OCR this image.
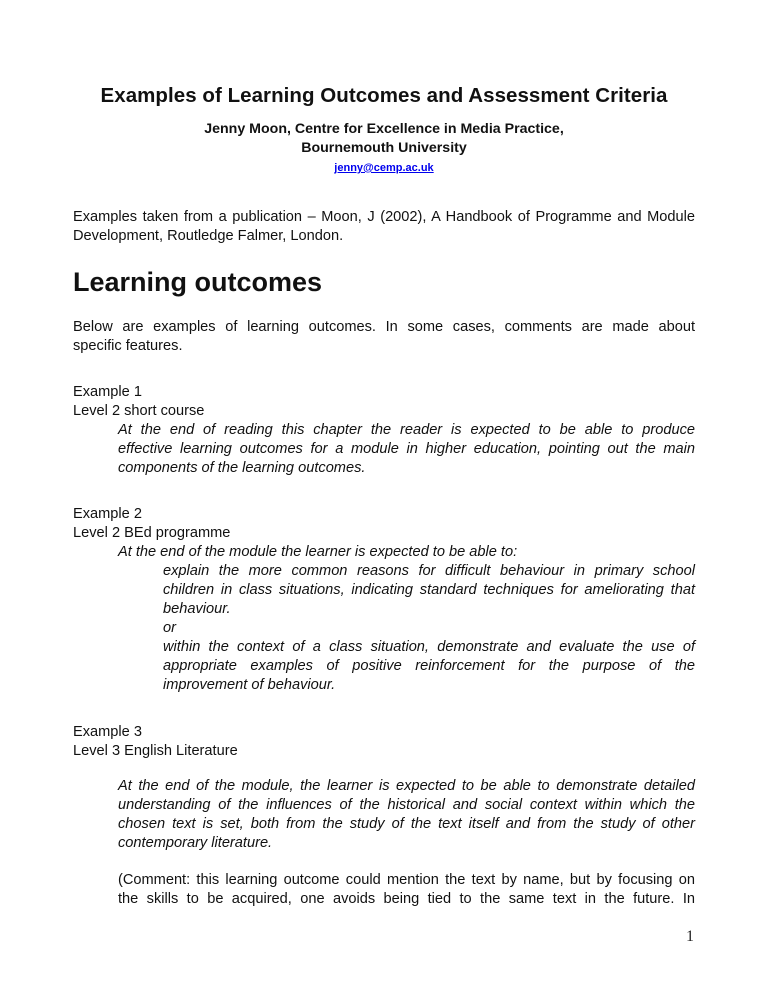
Examples of Learning Outcomes and Assessment Criteria
Jenny Moon, Centre for Excellence in Media Practice,
Bournemouth University
jenny@cemp.ac.uk
Examples taken from a publication – Moon, J (2002), A Handbook of Programme and Module
Development, Routledge Falmer, London.
Learning outcomes
Below are examples of learning outcomes. In some cases, comments are made about
specific features.
Example 1
Level 2 short course
At the end of reading this chapter the reader is expected to be able to produce
effective learning outcomes for a module in higher education, pointing out the main
components of the learning outcomes.
Example 2
Level 2 BEd programme
At the end of the module the learner is expected to be able to:
explain the more common reasons for difficult behaviour in primary school
children in class situations, indicating standard techniques for ameliorating that
behaviour.
or
within the context of a class situation, demonstrate and evaluate the use of
appropriate examples of positive reinforcement for the purpose of the
improvement of behaviour.
Example 3
Level 3 English Literature
At the end of the module, the learner is expected to be able to demonstrate detailed
understanding of the influences of the historical and social context within which the
chosen text is set, both from the study of the text itself and from the study of other
contemporary literature.
(Comment: this learning outcome could mention the text by name, but by focusing on
the skills to be acquired, one avoids being tied to the same text in the future. In
1
